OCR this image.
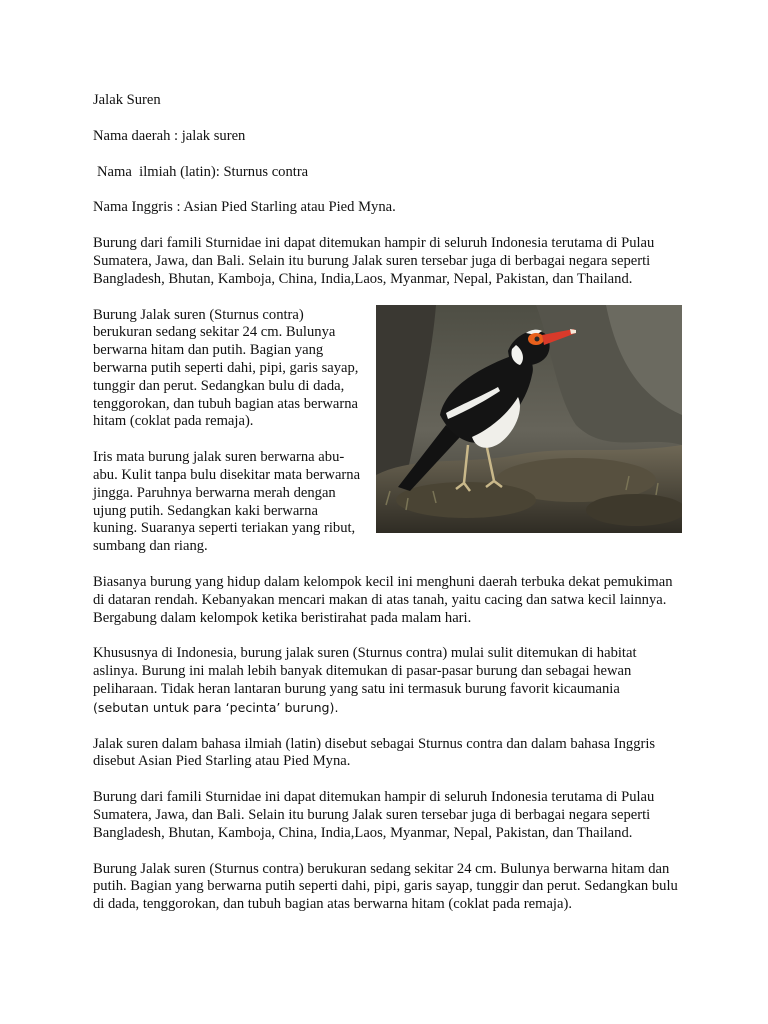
Jalak Suren

Nama daerah : jalak suren

Nama  ilmiah (latin): Sturnus contra

Nama Inggris : Asian Pied Starling atau Pied Myna.

Burung dari famili Sturnidae ini dapat ditemukan hampir di seluruh Indonesia terutama di Pulau Sumatera, Jawa, dan Bali. Selain itu burung Jalak suren tersebar juga di berbagai negara seperti Bangladesh, Bhutan, Kamboja, China, India,Laos, Myanmar, Nepal, Pakistan, dan Thailand.

Burung Jalak suren (Sturnus contra) berukuran sedang sekitar 24 cm. Bulunya berwarna hitam dan putih. Bagian yang berwarna putih seperti dahi, pipi, garis sayap, tunggir dan perut. Sedangkan bulu di dada, tenggorokan, dan tubuh bagian atas berwarna hitam (coklat pada remaja).

Iris mata burung jalak suren berwarna abu-abu. Kulit tanpa bulu disekitar mata berwarna jingga. Paruhnya berwarna merah dengan ujung putih. Sedangkan kaki berwarna kuning. Suaranya seperti teriakan yang ribut, sumbang dan riang.

Biasanya burung yang hidup dalam kelompok kecil ini menghuni daerah terbuka dekat pemukiman di dataran rendah. Kebanyakan mencari makan di atas tanah, yaitu cacing dan satwa kecil lainnya. Bergabung dalam kelompok ketika beristirahat pada malam hari.

Khususnya di Indonesia, burung jalak suren (Sturnus contra) mulai sulit ditemukan di habitat aslinya. Burung ini malah lebih banyak ditemukan di pasar-pasar burung dan sebagai hewan peliharaan. Tidak heran lantaran burung yang satu ini termasuk burung favorit kicaumania (sebutan untuk para ‘pecinta’ burung).

Jalak suren dalam bahasa ilmiah (latin) disebut sebagai Sturnus contra dan dalam bahasa Inggris disebut Asian Pied Starling atau Pied Myna.

Burung dari famili Sturnidae ini dapat ditemukan hampir di seluruh Indonesia terutama di Pulau Sumatera, Jawa, dan Bali. Selain itu burung Jalak suren tersebar juga di berbagai negara seperti Bangladesh, Bhutan, Kamboja, China, India,Laos, Myanmar, Nepal, Pakistan, dan Thailand.

Burung Jalak suren (Sturnus contra) berukuran sedang sekitar 24 cm. Bulunya berwarna hitam dan putih. Bagian yang berwarna putih seperti dahi, pipi, garis sayap, tunggir dan perut. Sedangkan bulu di dada, tenggorokan, dan tubuh bagian atas berwarna hitam (coklat pada remaja).
